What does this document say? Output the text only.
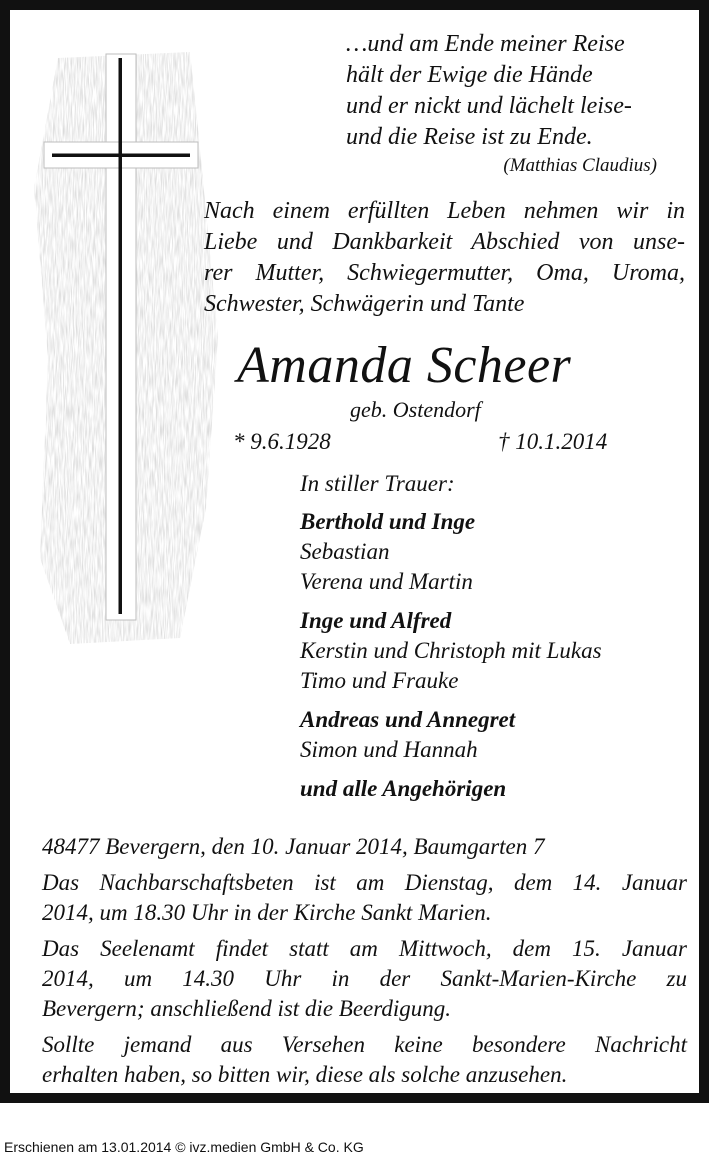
…und am Ende meiner Reise
hält der Ewige die Hände
und er nickt und lächelt leise-
und die Reise ist zu Ende.
(Matthias Claudius)
Nach einem erfüllten Leben nehmen wir in
Liebe und Dankbarkeit Abschied von unse-
rer Mutter, Schwiegermutter, Oma, Uroma,
Schwester, Schwägerin und Tante
Amanda Scheer
geb. Ostendorf
* 9.6.1928	† 10.1.2014
In stiller Trauer:
Berthold und Inge
Sebastian
Verena und Martin
Inge und Alfred
Kerstin und Christoph mit Lukas
Timo und Frauke
Andreas und Annegret
Simon und Hannah
und alle Angehörigen
48477 Bevergern, den 10. Januar 2014, Baumgarten 7
Das Nachbarschaftsbeten ist am Dienstag, dem 14. Januar
2014, um 18.30 Uhr in der Kirche Sankt Marien.
Das Seelenamt findet statt am Mittwoch, dem 15. Januar
2014, um 14.30 Uhr in der Sankt-Marien-Kirche zu
Bevergern; anschließend ist die Beerdigung.
Sollte jemand aus Versehen keine besondere Nachricht
erhalten haben, so bitten wir, diese als solche anzusehen.
Erschienen am 13.01.2014 © ivz.medien GmbH & Co. KG
